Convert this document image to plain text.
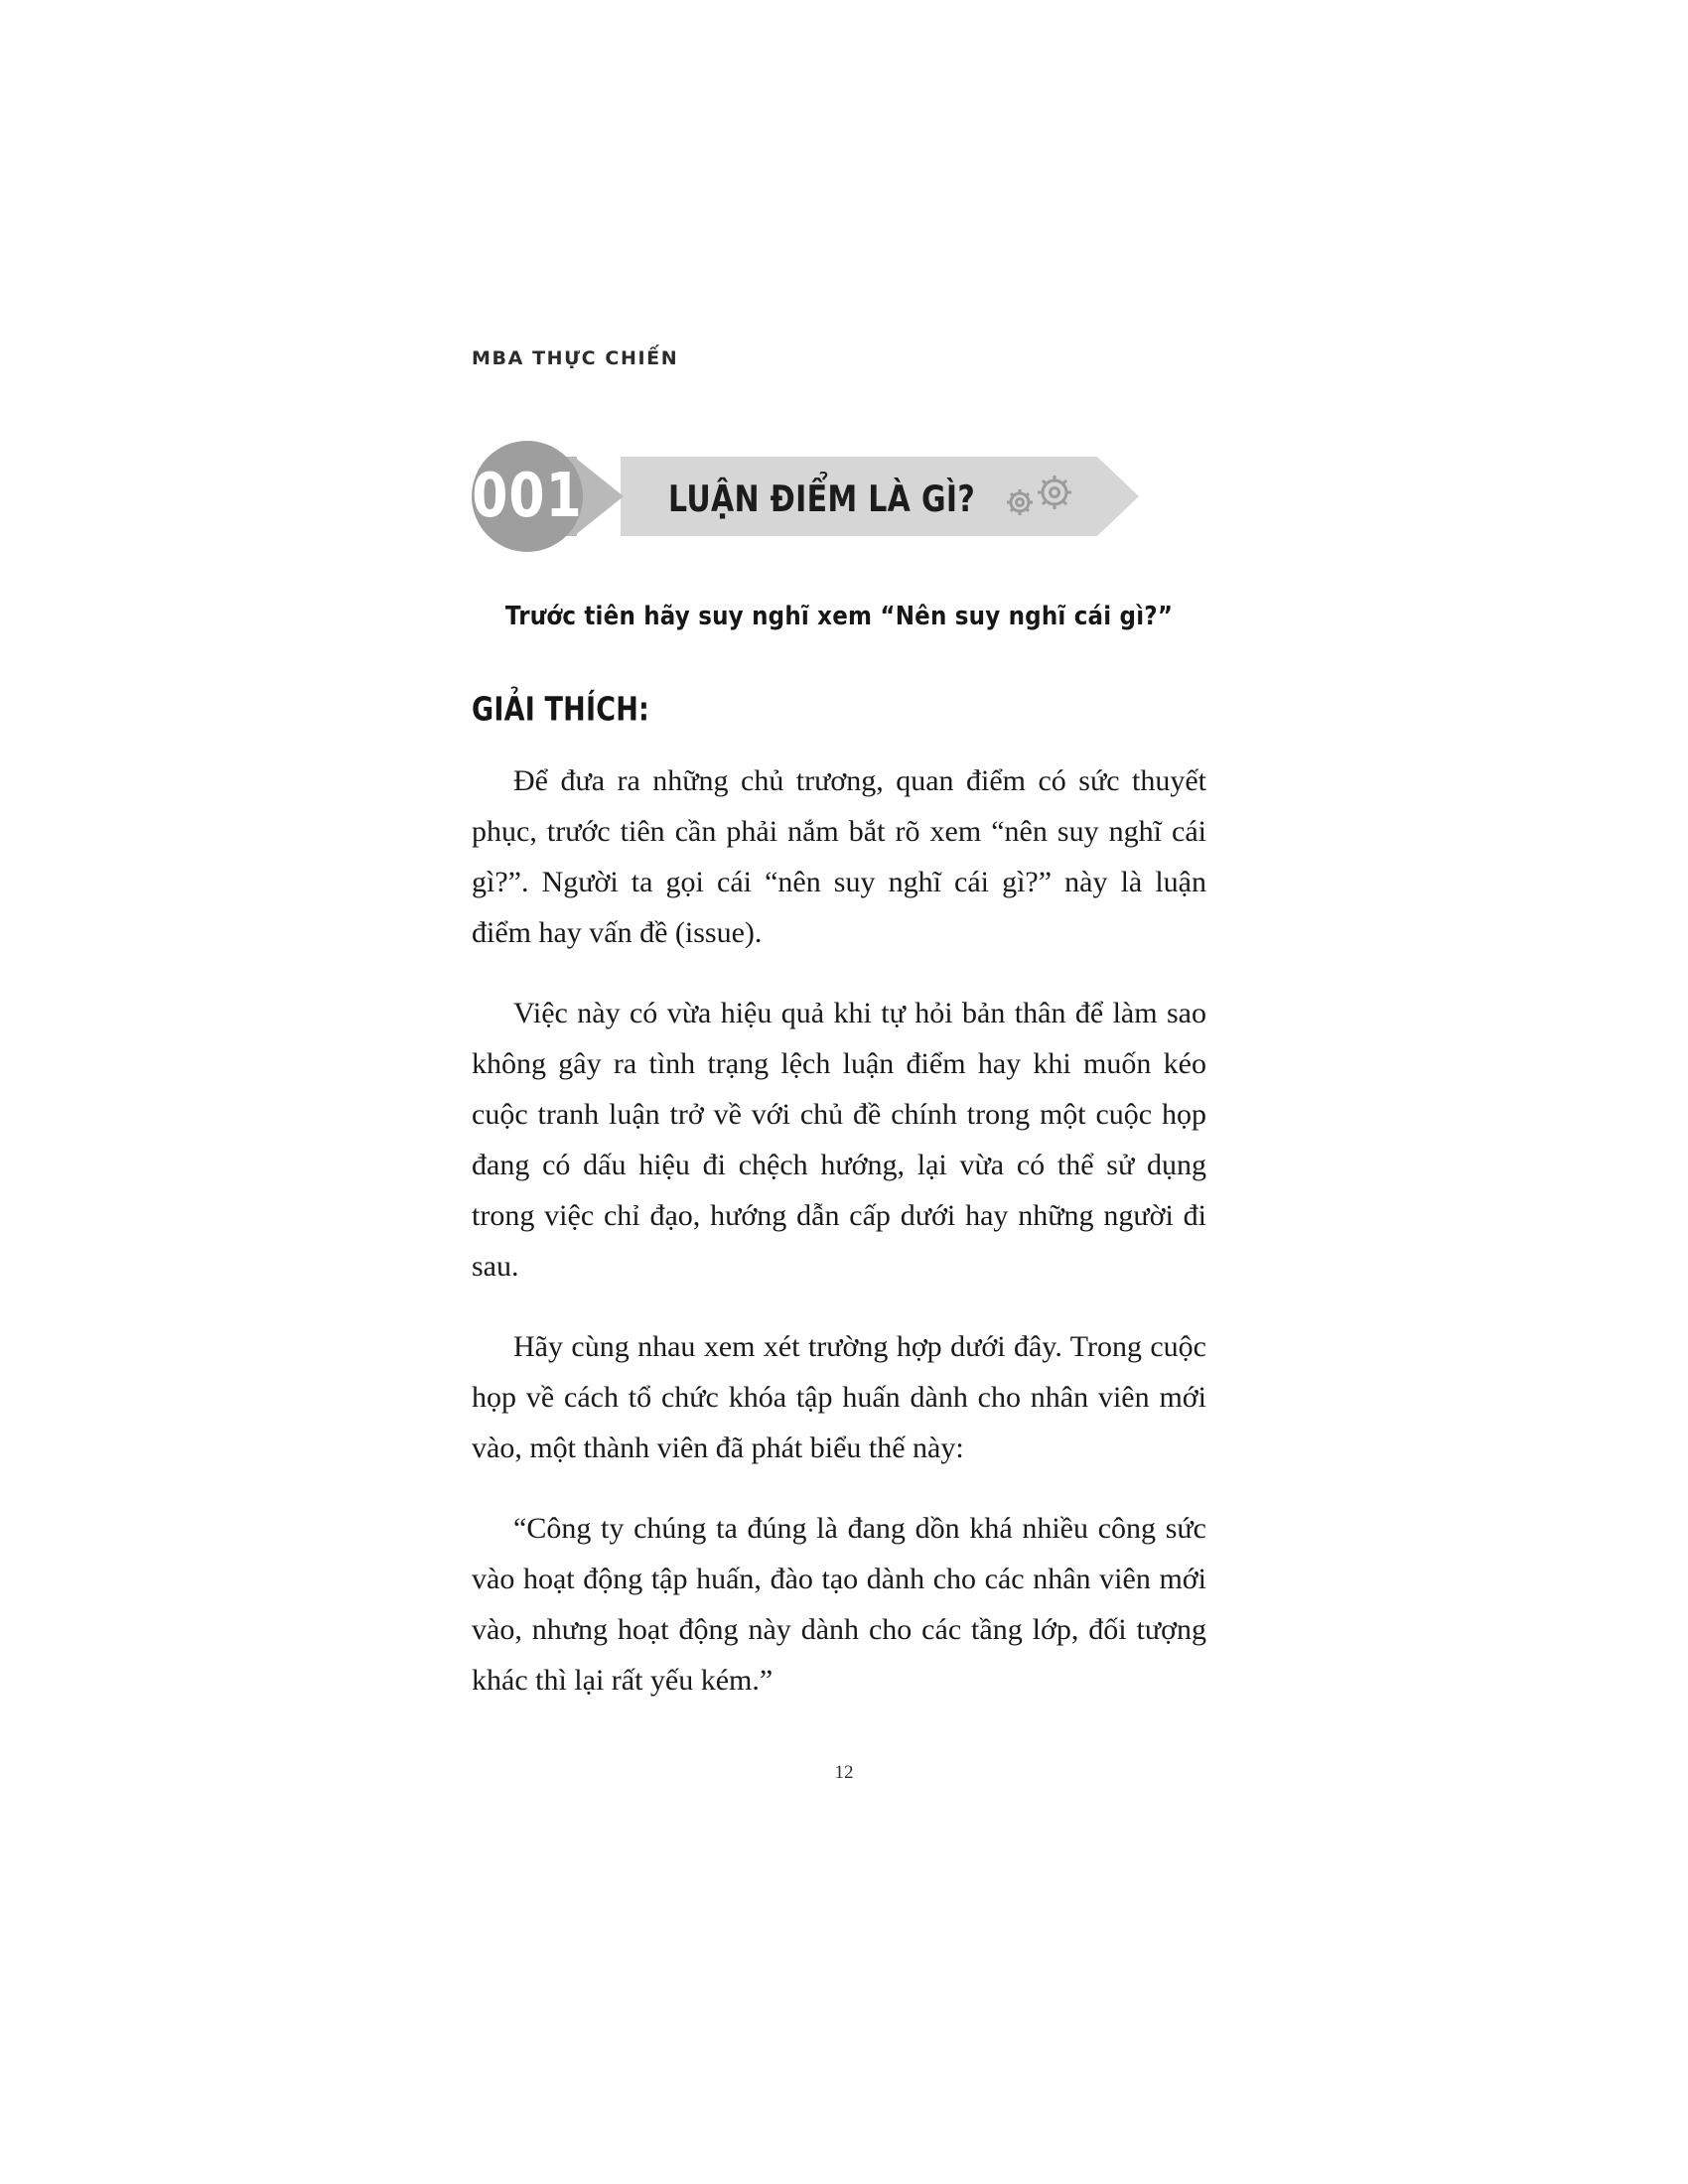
MBA THỰC CHIẾN
001	LUẬN ĐIỂM LÀ GÌ?
Trước tiên hãy suy nghĩ xem “Nên suy nghĩ cái gì?”
GIẢI THÍCH:

Để đưa ra những chủ trương, quan điểm có sức thuyết phục, trước tiên cần phải nắm bắt rõ xem “nên suy nghĩ cái gì?”. Người ta gọi cái “nên suy nghĩ cái gì?” này là luận điểm hay vấn đề (issue).

Việc này có vừa hiệu quả khi tự hỏi bản thân để làm sao không gây ra tình trạng lệch luận điểm hay khi muốn kéo cuộc tranh luận trở về với chủ đề chính trong một cuộc họp đang có dấu hiệu đi chệch hướng, lại vừa có thể sử dụng trong việc chỉ đạo, hướng dẫn cấp dưới hay những người đi sau.

Hãy cùng nhau xem xét trường hợp dưới đây. Trong cuộc họp về cách tổ chức khóa tập huấn dành cho nhân viên mới vào, một thành viên đã phát biểu thế này:

“Công ty chúng ta đúng là đang dồn khá nhiều công sức vào hoạt động tập huấn, đào tạo dành cho các nhân viên mới vào, nhưng hoạt động này dành cho các tầng lớp, đối tượng khác thì lại rất yếu kém.”

12
